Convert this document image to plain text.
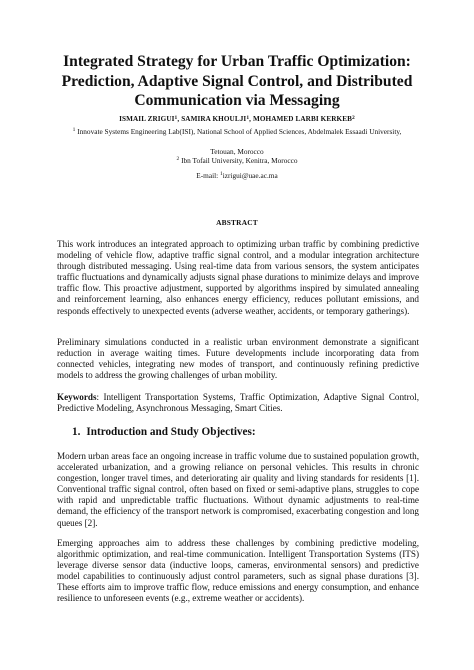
Integrated Strategy for Urban Traffic Optimization:
Prediction, Adaptive Signal Control, and Distributed
Communication via Messaging
ISMAIL ZRIGUI$^1$, SAMIRA KHOULJI$^1$, MOHAMED LARBI KERKEB$^2$
$^1$ Innovate Systems Engineering Lab(ISI), National School of Applied Sciences, Abdelmalek Essaadi University,
Tetouan, Morocco
$^2$ Ibn Tofail University, Kenitra, Morocco
E-mail: $^1$izrigui@uae.ac.ma
ABSTRACT
This work introduces an integrated approach to optimizing urban traffic by combining predictive modeling of vehicle flow, adaptive traffic signal control, and a modular integration architecture through distributed messaging. Using real-time data from various sensors, the system anticipates traffic fluctuations and dynamically adjusts signal phase durations to minimize delays and improve traffic flow. This proactive adjustment, supported by algorithms inspired by simulated annealing and reinforcement learning, also enhances energy efficiency, reduces pollutant emissions, and responds effectively to unexpected events (adverse weather, accidents, or temporary gatherings).
Preliminary simulations conducted in a realistic urban environment demonstrate a significant reduction in average waiting times. Future developments include incorporating data from connected vehicles, integrating new modes of transport, and continuously refining predictive models to address the growing challenges of urban mobility.
Keywords: Intelligent Transportation Systems, Traffic Optimization, Adaptive Signal Control, Predictive Modeling, Asynchronous Messaging, Smart Cities.
1. Introduction and Study Objectives:
Modern urban areas face an ongoing increase in traffic volume due to sustained population growth, accelerated urbanization, and a growing reliance on personal vehicles. This results in chronic congestion, longer travel times, and deteriorating air quality and living standards for residents [1]. Conventional traffic signal control, often based on fixed or semi-adaptive plans, struggles to cope with rapid and unpredictable traffic fluctuations. Without dynamic adjustments to real-time demand, the efficiency of the transport network is compromised, exacerbating congestion and long queues [2].
Emerging approaches aim to address these challenges by combining predictive modeling, algorithmic optimization, and real-time communication. Intelligent Transportation Systems (ITS) leverage diverse sensor data (inductive loops, cameras, environmental sensors) and predictive model capabilities to continuously adjust control parameters, such as signal phase durations [3]. These efforts aim to improve traffic flow, reduce emissions and energy consumption, and enhance resilience to unforeseen events (e.g., extreme weather or accidents).
